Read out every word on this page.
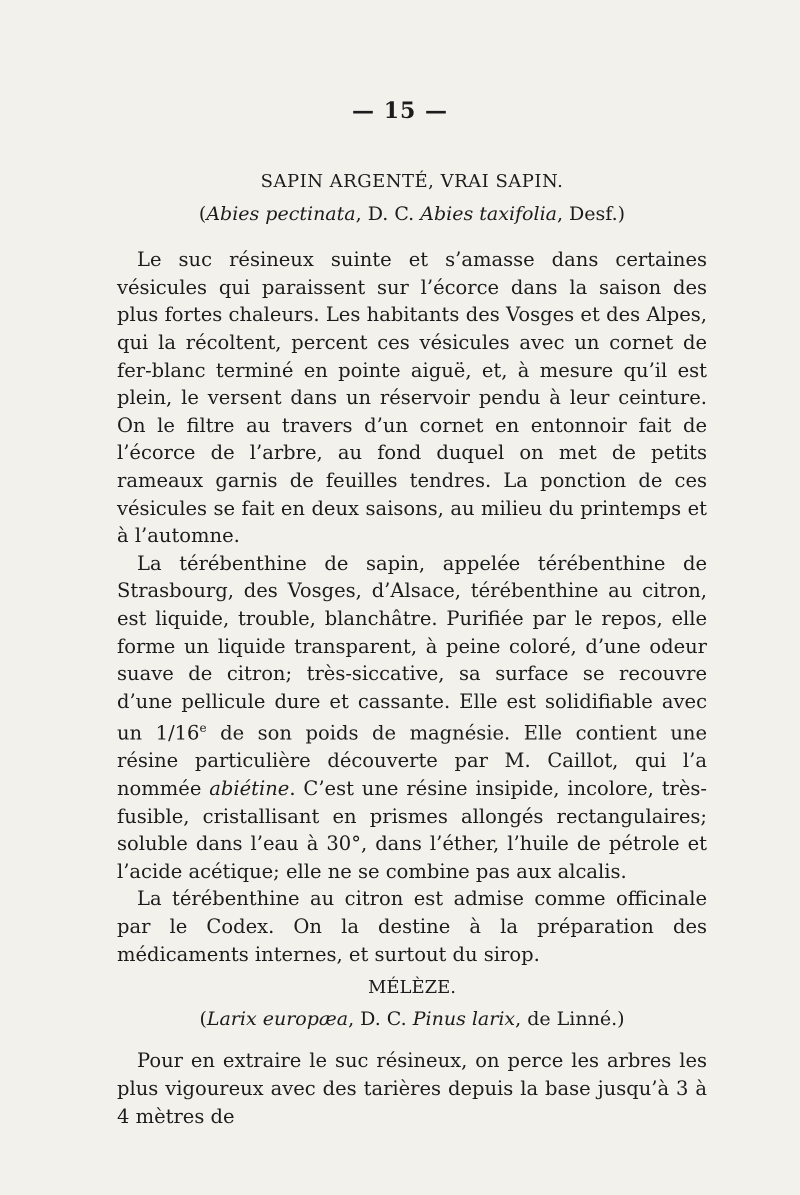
— 15 —

SAPIN ARGENTÉ, VRAI SAPIN.

(Abies pectinata, D. C. Abies taxifolia, Desf.)

Le suc résineux suinte et s’amasse dans certaines vésicules qui paraissent sur l’écorce dans la saison des plus fortes chaleurs. Les habitants des Vosges et des Alpes, qui la récoltent, percent ces vésicules avec un cornet de fer-blanc terminé en pointe aiguë, et, à mesure qu’il est plein, le versent dans un réservoir pendu à leur ceinture. On le filtre au travers d’un cornet en entonnoir fait de l’écorce de l’arbre, au fond duquel on met de petits rameaux garnis de feuilles tendres. La ponction de ces vésicules se fait en deux saisons, au milieu du printemps et à l’automne.

La térébenthine de sapin, appelée térébenthine de Strasbourg, des Vosges, d’Alsace, térébenthine au citron, est liquide, trouble, blanchâtre. Purifiée par le repos, elle forme un liquide transparent, à peine coloré, d’une odeur suave de citron; très-siccative, sa surface se recouvre d’une pellicule dure et cassante. Elle est solidifiable avec un 1/16e de son poids de magnésie. Elle contient une résine particulière découverte par M. Caillot, qui l’a nommée abiétine. C’est une résine insipide, incolore, très-fusible, cristallisant en prismes allongés rectangulaires; soluble dans l’eau à 30°, dans l’éther, l’huile de pétrole et l’acide acétique; elle ne se combine pas aux alcalis.

La térébenthine au citron est admise comme officinale par le Codex. On la destine à la préparation des médicaments internes, et surtout du sirop.

MÉLÈZE.

(Larix europæa, D. C. Pinus larix, de Linné.)

Pour en extraire le suc résineux, on perce les arbres les plus vigoureux avec des tarières depuis la base jusqu’à 3 à 4 mètres de
